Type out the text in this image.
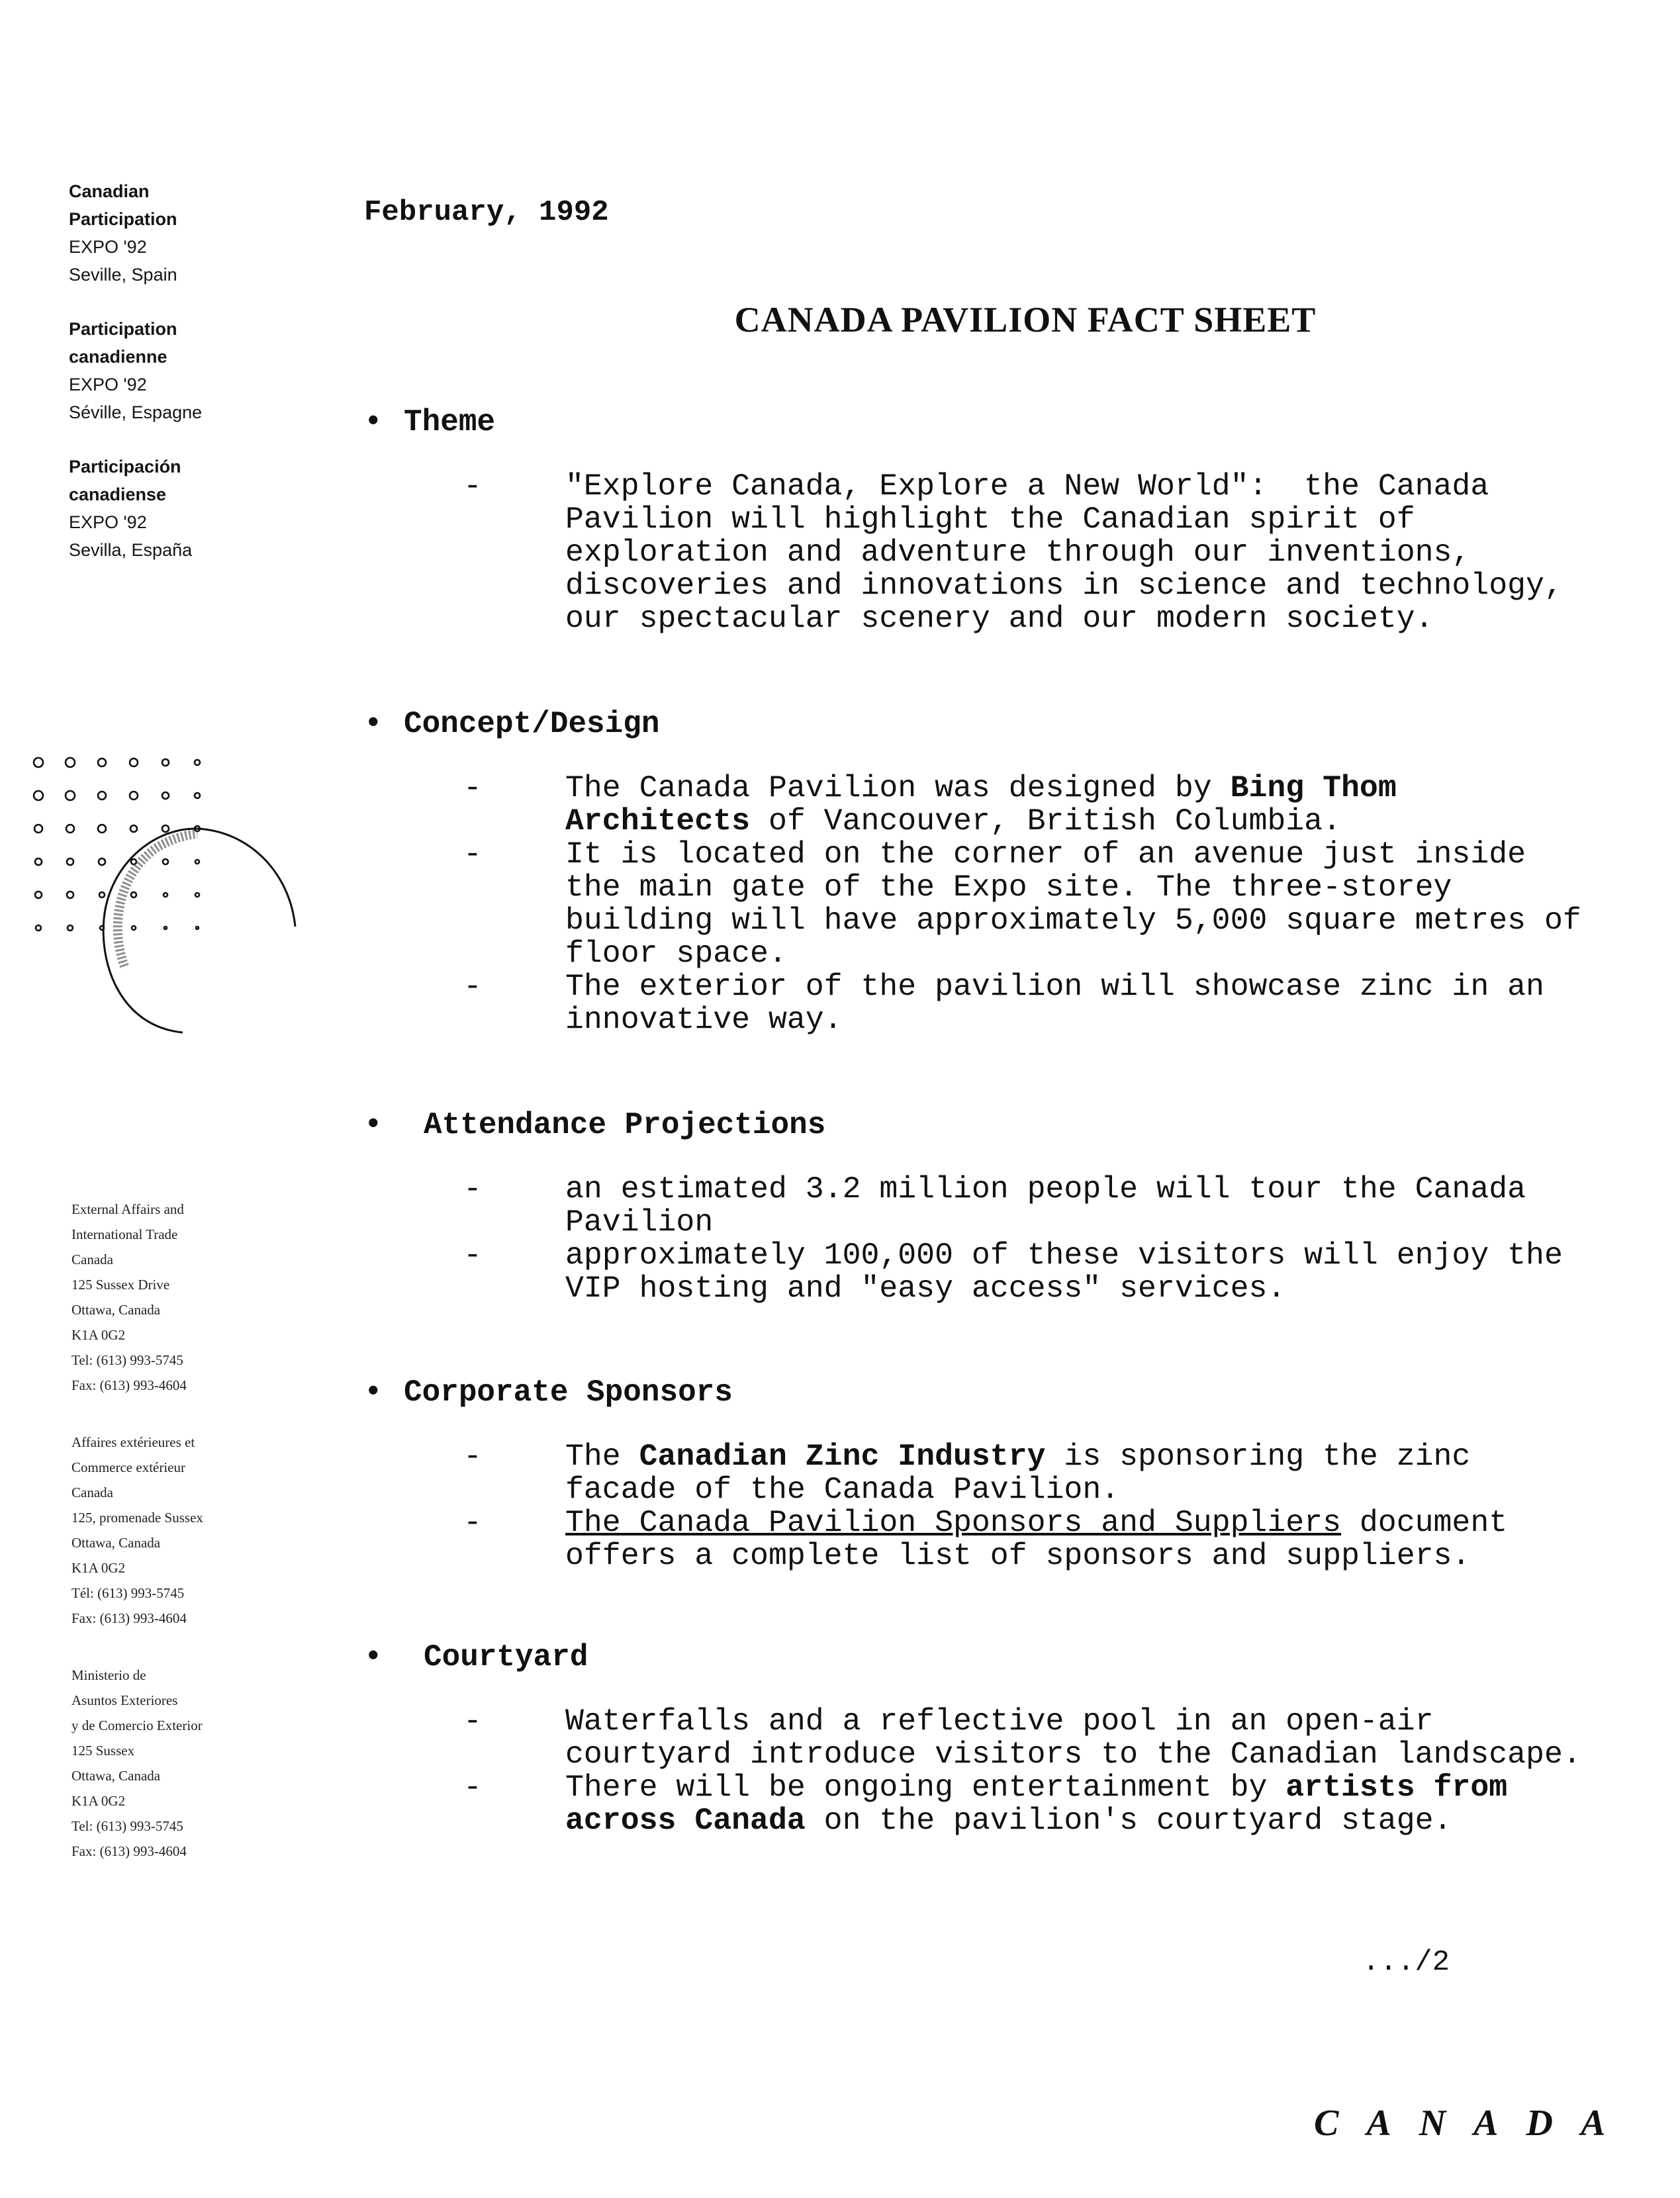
Canadian
Participation
EXPO '92
Seville, Spain
Participation
canadienne
EXPO '92
Séville, Espagne
Participación
canadiense
EXPO '92
Sevilla, España
External Affairs and
International Trade
Canada
125 Sussex Drive
Ottawa, Canada
K1A 0G2
Tel: (613) 993-5745
Fax: (613) 993-4604
Affaires extérieures et
Commerce extérieur
Canada
125, promenade Sussex
Ottawa, Canada
K1A 0G2
Tél: (613) 993-5745
Fax: (613) 993-4604
Ministerio de
Asuntos Exteriores
y de Comercio Exterior
125 Sussex
Ottawa, Canada
K1A 0G2
Tel: (613) 993-5745
Fax: (613) 993-4604
February, 1992
CANADA PAVILION FACT SHEET
• Theme
-	"Explore Canada, Explore a New World":  the Canada
Pavilion will highlight the Canadian spirit of
exploration and adventure through our inventions,
discoveries and innovations in science and technology,
our spectacular scenery and our modern society.
• Concept/Design
-	The Canada Pavilion was designed by Bing Thom
Architects of Vancouver, British Columbia.
-	It is located on the corner of an avenue just inside
the main gate of the Expo site. The three-storey
building will have approximately 5,000 square metres of
floor space.
-	The exterior of the pavilion will showcase zinc in an
innovative way.
• Attendance Projections
-	an estimated 3.2 million people will tour the Canada
Pavilion
-	approximately 100,000 of these visitors will enjoy the
VIP hosting and "easy access" services.
• Corporate Sponsors
-	The Canadian Zinc Industry is sponsoring the zinc
facade of the Canada Pavilion.
-	The Canada Pavilion Sponsors and Suppliers document
offers a complete list of sponsors and suppliers.
• Courtyard
-	Waterfalls and a reflective pool in an open-air
courtyard introduce visitors to the Canadian landscape.
-	There will be ongoing entertainment by artists from
across Canada on the pavilion's courtyard stage.
.../2
CANADA
